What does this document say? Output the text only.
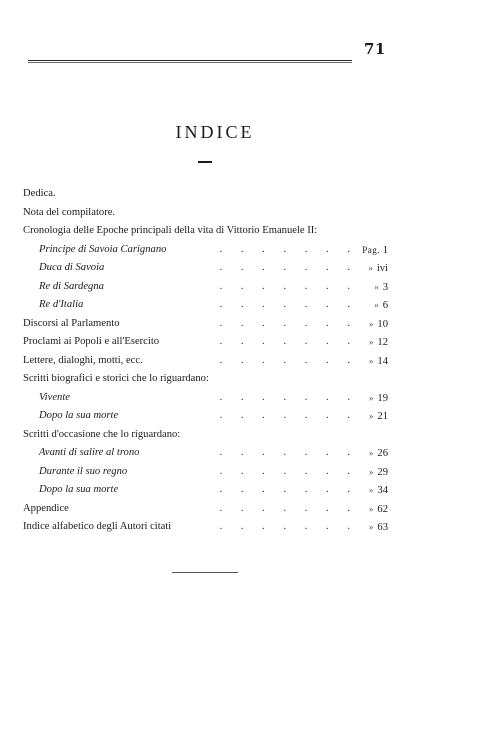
71
INDICE
Dedica.
Nota del compilatore.
Cronologia delle Epoche principali della vita di Vittorio Emanuele II:
Principe di Savoia Carignano	. . . . . . . Pag. 1
Duca di Savoia	. . . . . . .	» ivi
Re di Sardegna	. . . . . . .	» 3
Re d'Italia	. . . . . . .	» 6
Discorsi al Parlamento	. . . . . . .	» 10
Proclami ai Popoli e all'Esercito	. . . . . . .	» 12
Lettere, dialoghi, motti, ecc.	. . . . . . .	» 14
Scritti biografici e storici che lo riguardano:
Vivente	. . . . . . .	» 19
Dopo la sua morte	. . . . . . .	» 21
Scritti d'occasione che lo riguardano:
Avanti di salire al trono	. . . . . . .	» 26
Durante il suo regno	. . . . . . .	» 29
Dopo la sua morte	. . . . . . .	» 34
Appendice	. . . . . . .	» 62
Indice alfabetico degli Autori citati	. . . . . . .	» 63
